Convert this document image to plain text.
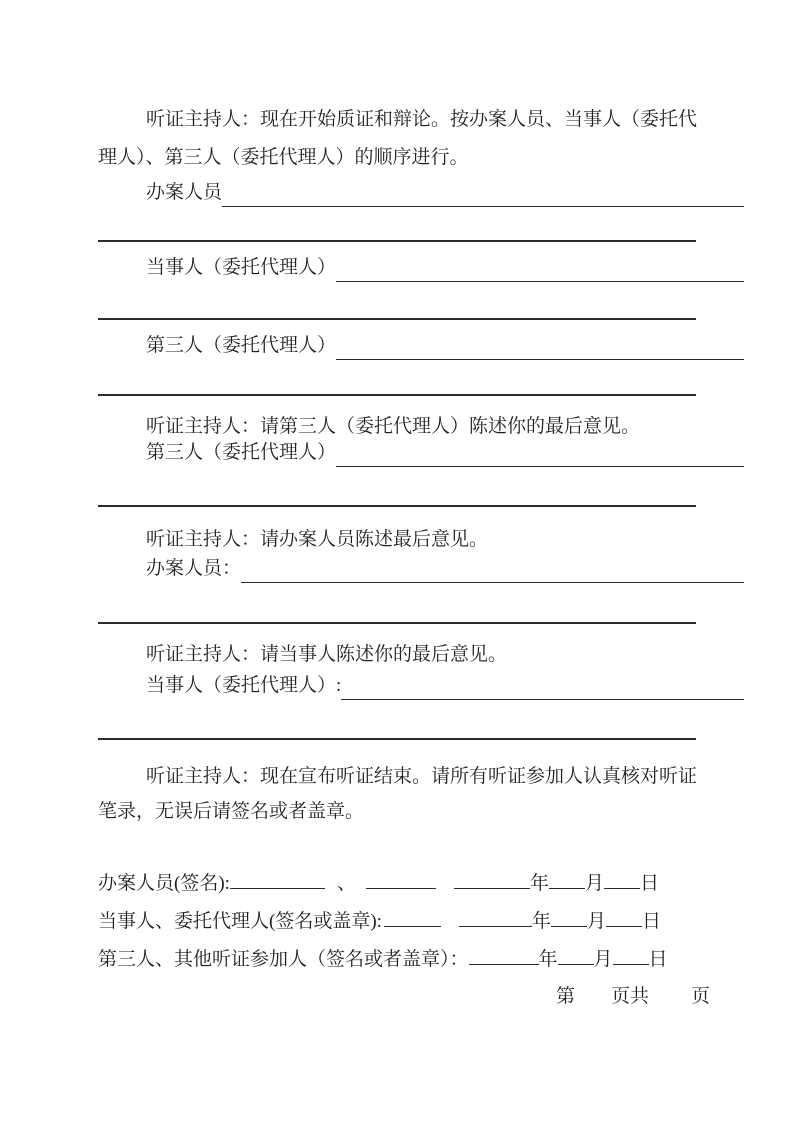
听证主持人：现在开始质证和辩论。按办案人员、当事人（委托代
理人）、第三人（委托代理人）的顺序进行。
办案人员
当事人（委托代理人）
第三人（委托代理人）
听证主持人：请第三人（委托代理人）陈述你的最后意见。
第三人（委托代理人）
听证主持人：请办案人员陈述最后意见。
办案人员：
听证主持人：请当事人陈述你的最后意见。
当事人（委托代理人）:
听证主持人：现在宣布听证结束。请所有听证参加人认真核对听证
笔录，无误后请签名或者盖章。
办案人员(签名):	、	年 月 日
当事人、委托代理人(签名或盖章):	年 月 日
第三人、其他听证参加人（签名或者盖章）：	年 月 日
第 页共 页
